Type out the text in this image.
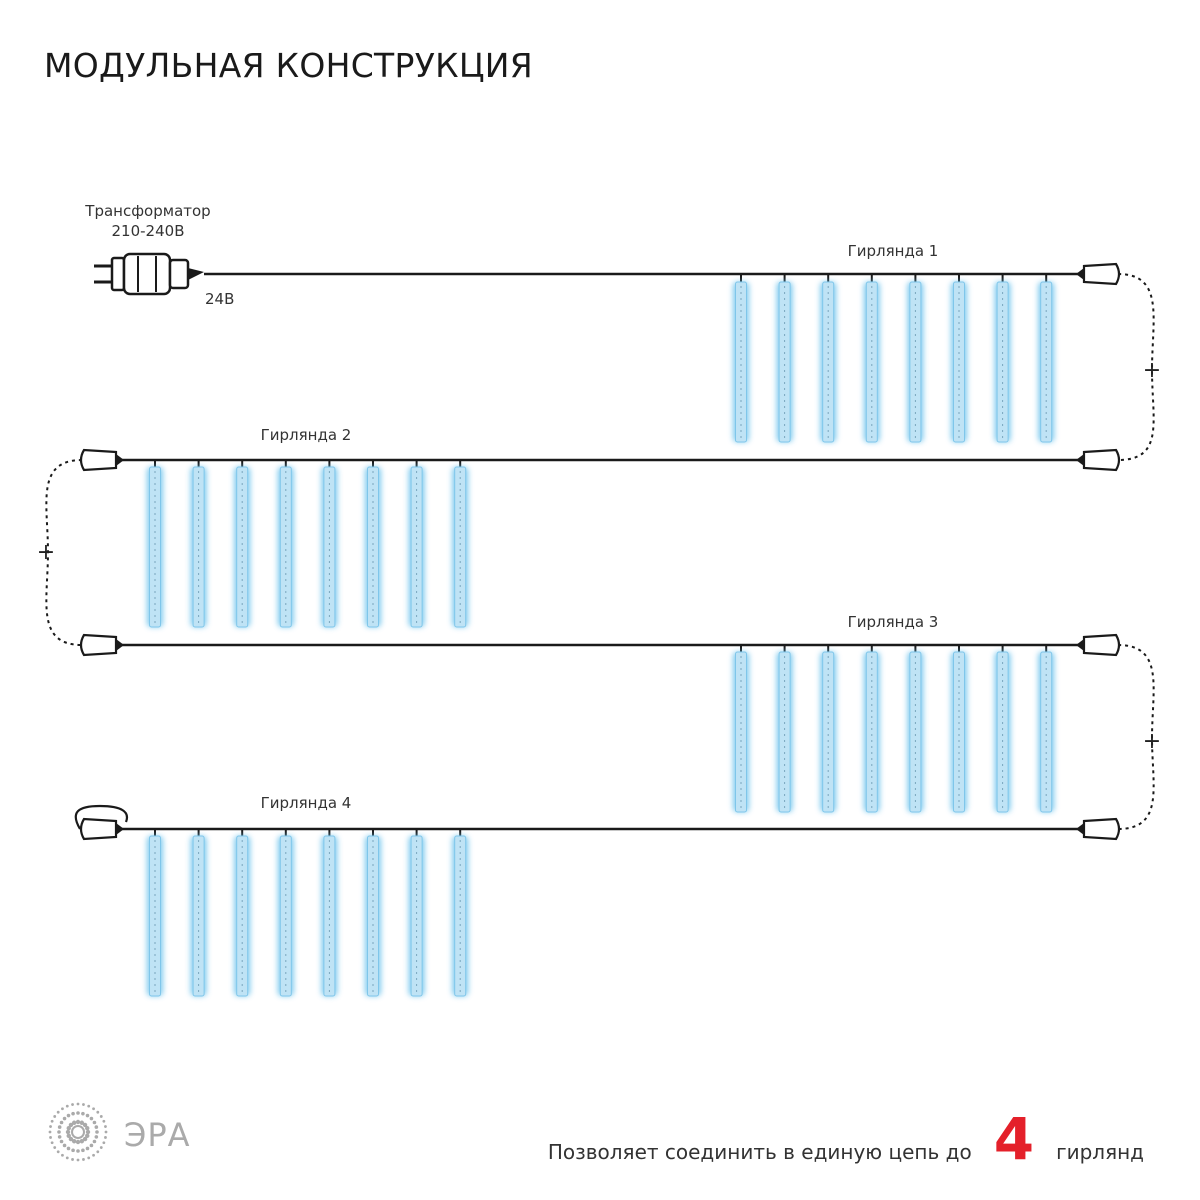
МОДУЛЬНАЯ КОНСТРУКЦИЯ
Трансформатор
210-240В
24В
Гирлянда 1
+
Гирлянда 2
+
Гирлянда 3
+
Гирлянда 4
ЭРА	Позволяет соединить в единую цепь до 4 гирлянд
